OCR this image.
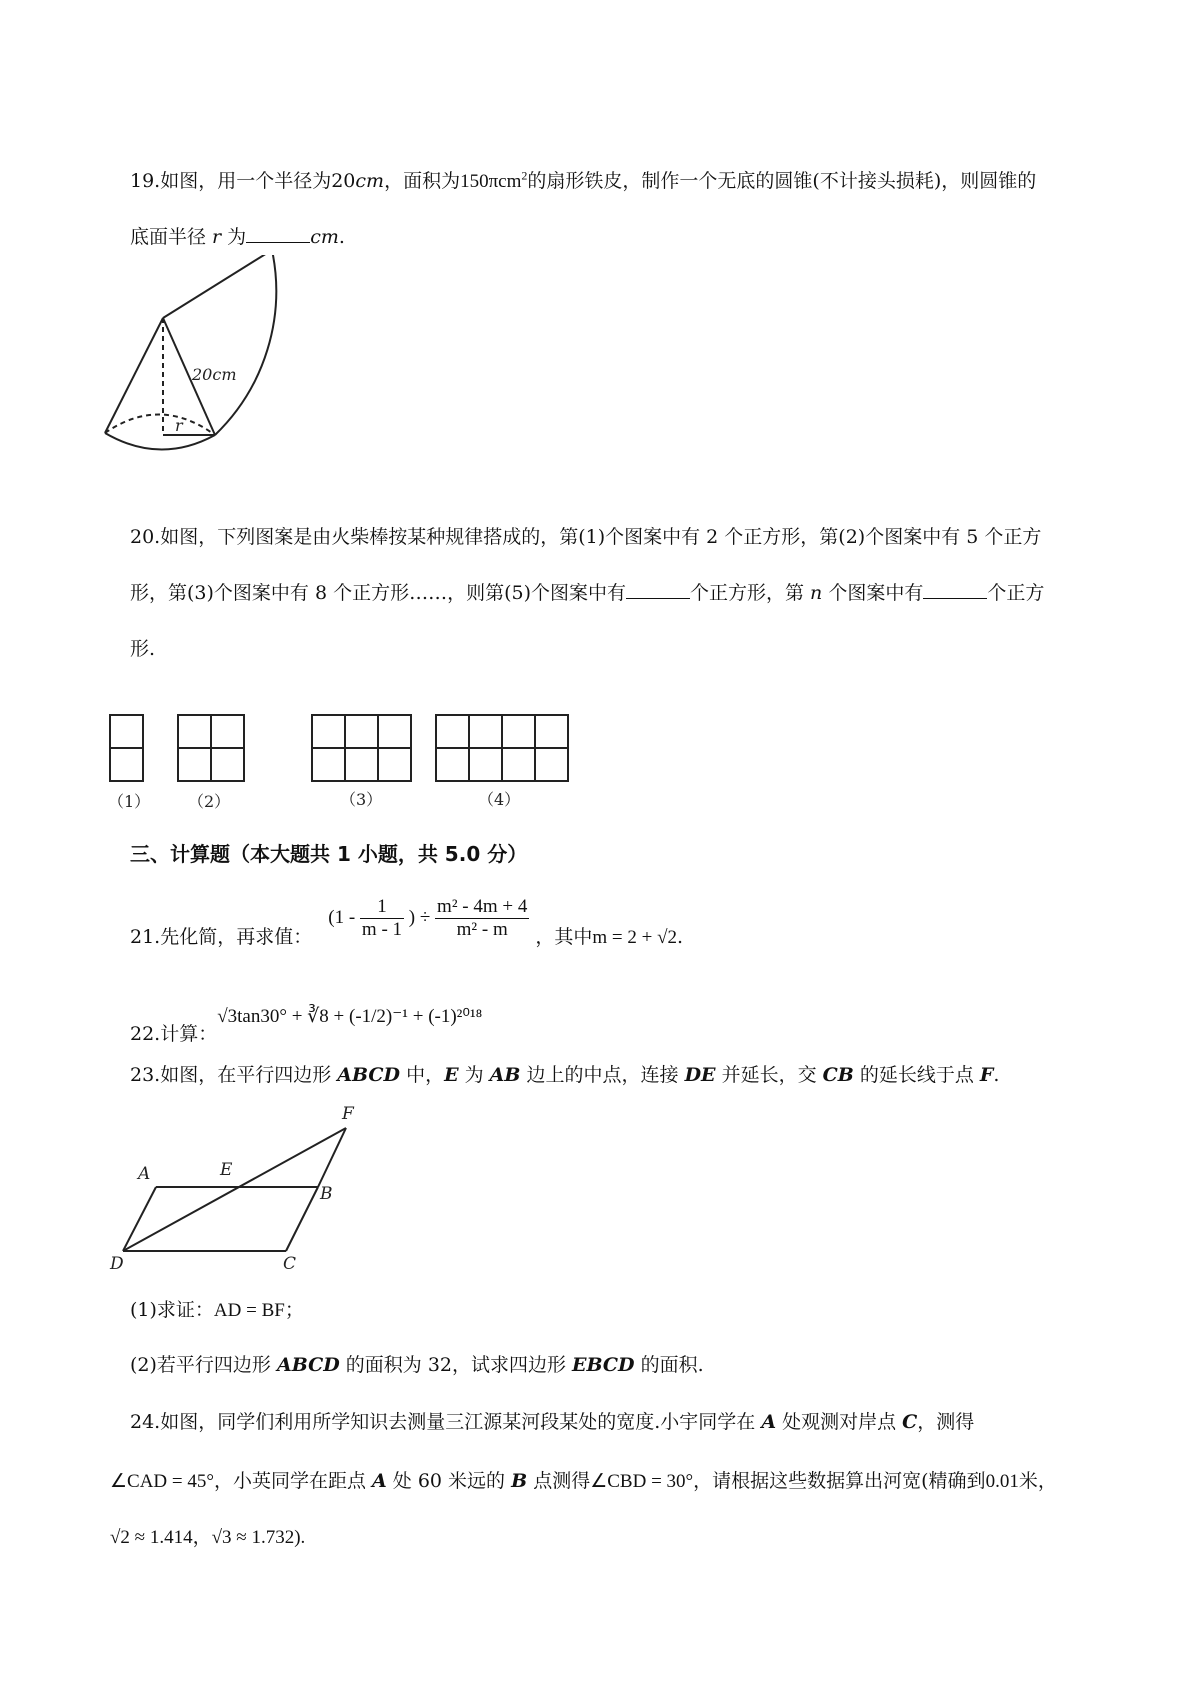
19.如图，用一个半径为20cm，面积为150πcm$^2$的扇形铁皮，制作一个无底的圆锥(不计接头损耗)，则圆锥的
底面半径 r 为	cm.
20cm
r
20.如图，下列图案是由火柴棒按某种规律搭成的，第(1)个图案中有 2 个正方形，第(2)个图案中有 5 个正方
形，第(3)个图案中有 8 个正方形……，则第(5)个图案中有	个正方形，第 n 个图案中有	个正方
形.
（1） （2）	（3）	（4）
三、计算题（本大题共 1 小题，共 5.0 分）
21.先化简，再求值： ($1 - \frac{1}{m - 1}$ ) ÷ $\frac{\text{m² - 4m + 4}}{\text{m² - m}}$ ，其中m = 2 + √2.
22.计算：√3tan30° + ∛8 + (-1/2)⁻¹ + (-1)²⁰¹⁸
23.如图，在平行四边形 ABCD 中，E 为 AB 边上的中点，连接 DE 并延长，交 CB 的延长线于点 F.
A	E
B
F
D	C
(1)求证：AD = BF；
(2)若平行四边形 ABCD 的面积为 32，试求四边形 EBCD 的面积.
24.如图，同学们利用所学知识去测量三江源某河段某处的宽度.小宇同学在 A 处观测对岸点 C，测得
∠CAD = 45°，小英同学在距点 A 处 60 米远的 B 点测得∠CBD = 30°，请根据这些数据算出河宽(精确到0.01米，
√2 ≈ 1.414，√3 ≈ 1.732).
